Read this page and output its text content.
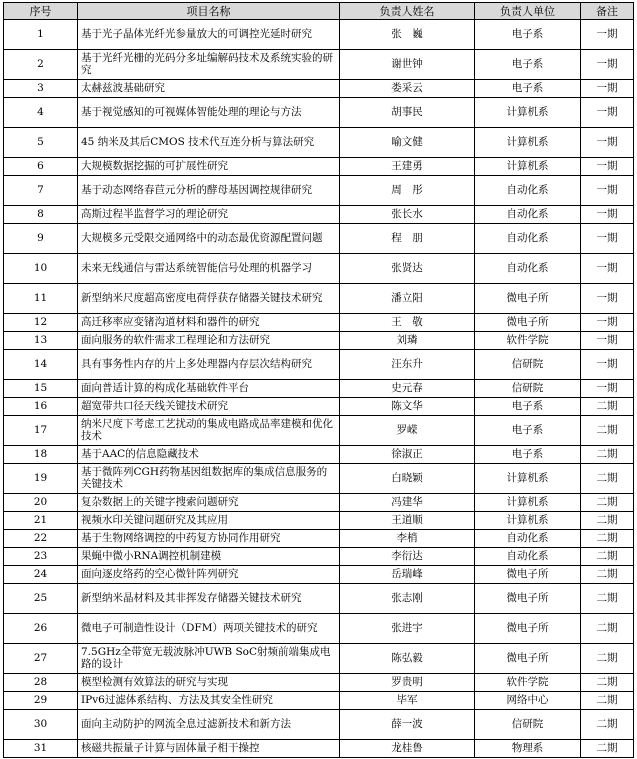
序号	项目名称	负责人姓名	负责人单位	备注
1	基于光子晶体光纤光参量放大的可调控光延时研究	张　巍	电子系	一期
2	基于光纤光栅的光码分多址编解码技术及系统实验的研究	谢世钟	电子系	一期
3	太赫兹波基础研究	娄采云	电子系	一期
4	基于视觉感知的可视媒体智能处理的理论与方法	胡事民	计算机系	一期
5	45 纳米及其后CMOS 技术代互连分析与算法研究	喻文健	计算机系	一期
6	大规模数据挖掘的可扩展性研究	王建勇	计算机系	一期
7	基于动态网络春苣元分析的酵母基因调控规律研究	周　彤	自动化系	一期
8	高斯过程半监督学习的理论研究	张长水	自动化系	一期
9	大规模多元受限交通网络中的动态最优资源配置问题	程　朋	自动化系	一期
10	未来无线通信与雷达系统智能信号处理的机器学习	张贤达	自动化系	一期
11	新型纳米尺度超高密度电荷俘获存储器关键技术研究	潘立阳	微电子所	一期
12	高迁移率应变锗沟道材料和器件的研究	王　敬	微电子所	一期
13	面向服务的软件需求工程理论和方法研究	刘璘	软件学院	一期
14	具有事务性内存的片上多处理器内存层次结构研究	汪东升	信研院	一期
15	面向普适计算的构成化基础软件平台	史元春	信研院	一期
16	超宽带共口径天线关键技术研究	陈文华	电子系	二期
17	纳米尺度下考虑工艺扰动的集成电路成品率建模和优化技术	罗嵘	电子系	二期
18	基于AAC的信息隐藏技术	徐淑正	电子系	二期
19	基于微阵列CGH药物基因组数据库的集成信息服务的关键技术	白晓颖	计算机系	二期
20	复杂数据上的关键字搜索问题研究	冯建华	计算机系	二期
21	视频水印关键问题研究及其应用	王道顺	计算机系	二期
22	基于生物网络调控的中药复方协同作用研究	李梢	自动化系	二期
23	果蝇中微小RNA调控机制建模	李衍达	自动化系	二期
24	面向逐皮络药的空心微针阵列研究	岳瑞峰	微电子所	二期
25	新型纳米晶材料及其非挥发存储器关键技术研究	张志刚	微电子所	二期
26	微电子可制造性设计（DFM）两项关键技术的研究	张进宇	微电子所	二期
27	7.5GHz全带宽无载波脉冲UWB SoC射频前端集成电路的设计	陈弘毅	微电子所	二期
28	模型检测有效算法的研究与实现	罗贵明	软件学院	二期
29	IPv6过滤体系结构、方法及其安全性研究	毕军	网络中心	二期
30	面向主动防护的网流全息过滤新技术和新方法	薛一波	信研院	二期
31	核磁共振量子计算与固体量子相干操控	龙桂鲁	物理系	二期
